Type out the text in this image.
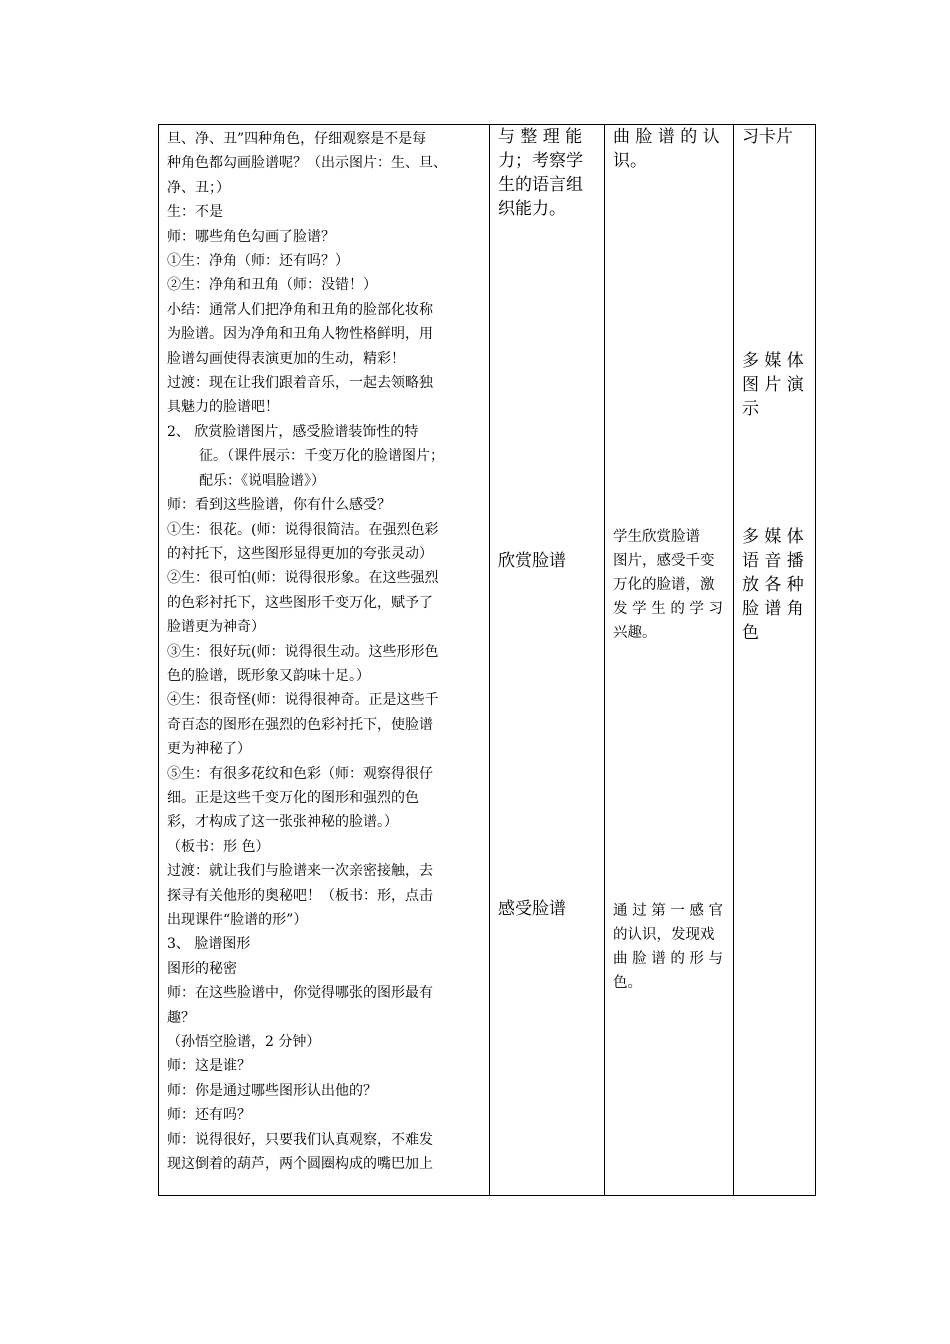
旦、净、丑”四种角色，仔细观察是不是每
种角色都勾画脸谱呢？（出示图片：生、旦、
净、丑；）
生：不是
师：哪些角色勾画了脸谱？
①生：净角（师：还有吗？）
②生：净角和丑角（师：没错！）
小结：通常人们把净角和丑角的脸部化妆称
为脸谱。因为净角和丑角人物性格鲜明，用
脸谱勾画使得表演更加的生动，精彩！
过渡：现在让我们跟着音乐，一起去领略独
具魅力的脸谱吧！
2、 欣赏脸谱图片，感受脸谱装饰性的特
征。（课件展示：千变万化的脸谱图片；
配乐：《说唱脸谱》）
师：看到这些脸谱，你有什么感受？
①生：很花。(师：说得很简洁。在强烈色彩
的衬托下，这些图形显得更加的夸张灵动）
②生：很可怕(师：说得很形象。在这些强烈
的色彩衬托下，这些图形千变万化，赋予了
脸谱更为神奇）
③生：很好玩(师：说得很生动。这些形形色
色的脸谱，既形象又韵味十足。）
④生：很奇怪(师：说得很神奇。正是这些千
奇百态的图形在强烈的色彩衬托下，使脸谱
更为神秘了）
⑤生：有很多花纹和色彩（师：观察得很仔
细。正是这些千变万化的图形和强烈的色
彩，才构成了这一张张神秘的脸谱。）
（板书：形 色）
过渡：就让我们与脸谱来一次亲密接触，去
探寻有关他形的奥秘吧！（板书：形，点击
出现课件“脸谱的形”）
3、 脸谱图形
图形的秘密
师：在这些脸谱中，你觉得哪张的图形最有
趣？
（孙悟空脸谱，2 分钟）
师：这是谁？
师：你是通过哪些图形认出他的？
师：还有吗？
师：说得很好，只要我们认真观察，不难发
现这倒着的葫芦，两个圆圈构成的嘴巴加上
与 整 理 能
力；考察学
生的语言组
织能力。
欣赏脸谱
感受脸谱
曲 脸 谱 的 认
识。
学生欣赏脸谱
图片，感受千变
万化的脸谱，激
发 学 生 的 学 习
兴趣。
通 过 第 一 感 官
的认识，发现戏
曲 脸 谱 的 形 与
色。
习卡片
多 媒 体
图 片 演
示
多 媒 体
语 音 播
放 各 种
脸 谱 角
色
